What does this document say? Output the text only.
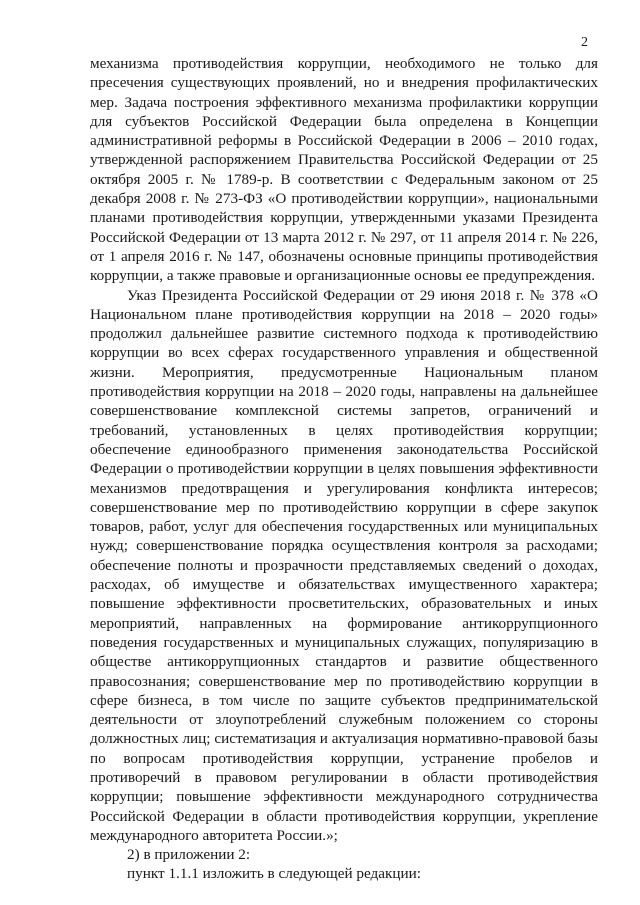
2

механизма противодействия коррупции, необходимого не только для пресечения существующих проявлений, но и внедрения профилактических мер. Задача построения эффективного механизма профилактики коррупции для субъектов Российской Федерации была определена в Концепции административной реформы в Российской Федерации в 2006 – 2010 годах, утвержденной распоряжением Правительства Российской Федерации от 25 октября 2005 г. № 1789-р. В соответствии с Федеральным законом от 25 декабря 2008 г. № 273-ФЗ «О противодействии коррупции», национальными планами противодействия коррупции, утвержденными указами Президента Российской Федерации от 13 марта 2012 г. № 297, от 11 апреля 2014 г. № 226, от 1 апреля 2016 г. № 147, обозначены основные принципы противодействия коррупции, а также правовые и организационные основы ее предупреждения.

Указ Президента Российской Федерации от 29 июня 2018 г. № 378 «О Национальном плане противодействия коррупции на 2018 – 2020 годы» продолжил дальнейшее развитие системного подхода к противодействию коррупции во всех сферах государственного управления и общественной жизни. Мероприятия, предусмотренные Национальным планом противодействия коррупции на 2018 – 2020 годы, направлены на дальнейшее совершенствование комплексной системы запретов, ограничений и требований, установленных в целях противодействия коррупции; обеспечение единообразного применения законодательства Российской Федерации о противодействии коррупции в целях повышения эффективности механизмов предотвращения и урегулирования конфликта интересов; совершенствование мер по противодействию коррупции в сфере закупок товаров, работ, услуг для обеспечения государственных или муниципальных нужд; совершенствование порядка осуществления контроля за расходами; обеспечение полноты и прозрачности представляемых сведений о доходах, расходах, об имуществе и обязательствах имущественного характера; повышение эффективности просветительских, образовательных и иных мероприятий, направленных на формирование антикоррупционного поведения государственных и муниципальных служащих, популяризацию в обществе антикоррупционных стандартов и развитие общественного правосознания; совершенствование мер по противодействию коррупции в сфере бизнеса, в том числе по защите субъектов предпринимательской деятельности от злоупотреблений служебным положением со стороны должностных лиц; систематизация и актуализация нормативно-правовой базы по вопросам противодействия коррупции, устранение пробелов и противоречий в правовом регулировании в области противодействия коррупции; повышение эффективности международного сотрудничества Российской Федерации в области противодействия коррупции, укрепление международного авторитета России.»;

2) в приложении 2:

пункт 1.1.1 изложить в следующей редакции:
